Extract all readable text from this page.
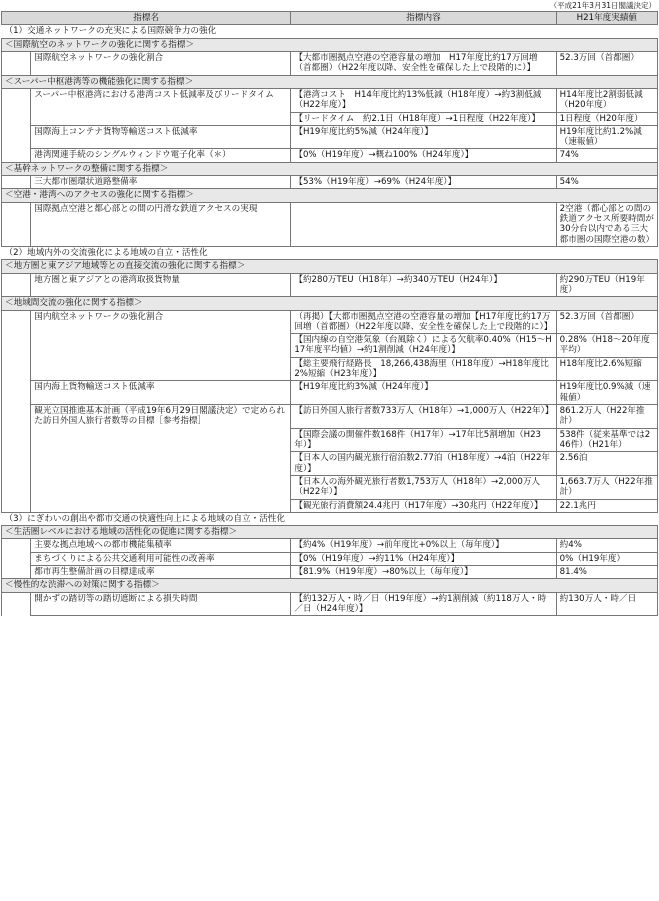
（平成21年3月31日閣議決定）
指標名		指標内容	H21年度実績値
（1）交通ネットワークの充実による国際競争力の強化			
＜国際航空のネットワークの強化に関する指標＞			
	国際航空ネットワークの強化割合	【大都市圏拠点空港の空港容量の増加　H17年度比約17万回増（首都圏）（H22年度以降、安全性を確保した上で段階的に）】	52.3万回（首都圏）
＜スーパー中枢港湾等の機能強化に関する指標＞			
	スーパー中枢港湾における港湾コスト低減率及びリードタイム	【港湾コスト　H14年度比約13%低減（H18年度）→約3割低減（H22年度）】	H14年度比2割弱低減（H20年度）
		【リードタイム　約2.1日（H18年度）→1日程度（H22年度）】	1日程度（H20年度）
	国際海上コンテナ貨物等輸送コスト低減率	【H19年度比約5%減（H24年度）】	H19年度比約1.2%減（速報値）
	港湾関連手続のシングルウィンドウ電子化率（＊）	【0%（H19年度）→概ね100%（H24年度）】	74%
＜基幹ネットワークの整備に関する指標＞			
	三大都市圏環状道路整備率	【53%（H19年度）→69%（H24年度）】	54%
＜空港・港湾へのアクセスの強化に関する指標＞			
	国際拠点空港と都心部との間の円滑な鉄道アクセスの実現		2空港（都心部との間の鉄道アクセス所要時間が30分台以内である三大都市圏の国際空港の数）
（2）地域内外の交流強化による地域の自立・活性化			
＜地方圏と東アジア地域等との直接交流の強化に関する指標＞			
	地方圏と東アジアとの港湾取扱貨物量	【約280万TEU（H18年）→約340万TEU（H24年）】	約290万TEU（H19年度）
＜地域間交流の強化に関する指標＞			
	国内航空ネットワークの強化割合	（再掲）【大都市圏拠点空港の空港容量の増加【H17年度比約17万回増（首都圏）（H22年度以降、安全性を確保した上で段階的に）】	52.3万回（首都圏）
		【国内線の自空港気象（台風除く）による欠航率0.40%（H15〜H17年度平均値）→約1割削減（H24年度）】	0.28%（H18〜20年度平均）
		【総主要飛行経路長　18,266,438海里（H18年度）→H18年度比2%短縮（H23年度）】	H18年度比2.6%短縮
	国内海上貨物輸送コスト低減率	【H19年度比約3%減（H24年度）】	H19年度比0.9%減（速報値）
	観光立国推進基本計画（平成19年6月29日閣議決定）で定められた訪日外国人旅行者数等の目標［参考指標］	【訪日外国人旅行者数733万人（H18年）→1,000万人（H22年）】	861.2万人（H22年推計）
		【国際会議の開催件数168件（H17年）→17年比5割増加（H23年）】	538件（従来基準では246件）（H21年）
		【日本人の国内観光旅行宿泊数2.77泊（H18年度）→4泊（H22年度）】	2.56泊
		【日本人の海外観光旅行者数1,753万人（H18年）→2,000万人（H22年）】	1,663.7万人（H22年推計）
		【観光旅行消費額24.4兆円（H17年度）→30兆円（H22年度）】	22.1兆円
（3）にぎわいの創出や都市交通の快適性向上による地域の自立・活性化			
＜生活圏レベルにおける地域の活性化の促進に関する指標＞			
	主要な拠点地域への都市機能集積率	【約4%（H19年度）→前年度比+0%以上（毎年度）】	約4%
	まちづくりによる公共交通利用可能性の改善率	【0%（H19年度）→約11%（H24年度）】	0%（H19年度）
	都市再生整備計画の目標達成率	【81.9%（H19年度）→80%以上（毎年度）】	81.4%
＜慢性的な渋滞への対策に関する指標＞			
	開かずの踏切等の踏切遮断による損失時間	【約132万人・時／日（H19年度）→約1割削減（約118万人・時／日（H24年度）】	約130万人・時／日
